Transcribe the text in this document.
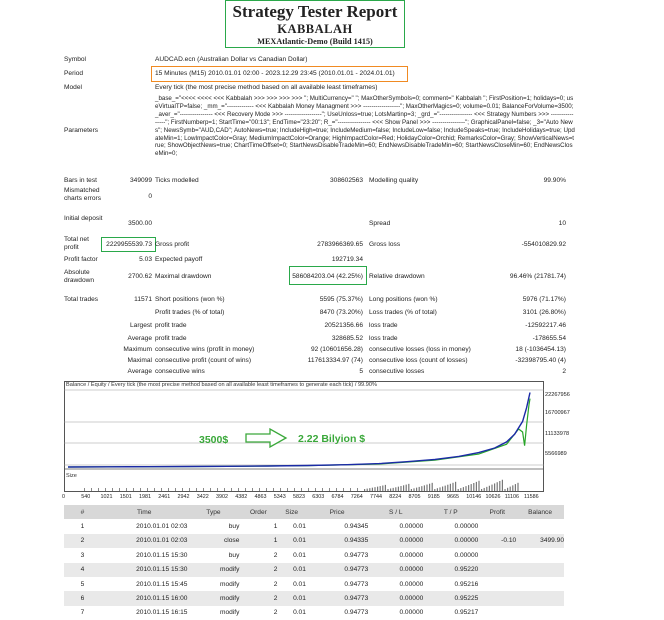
Strategy Tester Report
KABBALAH
MEXAtlantic-Demo (Build 1415)
Symbol	AUDCAD.ecn (Australian Dollar vs Canadian Dollar)
Period	15 Minutes (M15) 2010.01.01 02:00 - 2023.12.29 23:45 (2010.01.01 - 2024.01.01)
Model	Every tick (the most precise method based on all available least timeframes)
Parameters
_base_="<<<< <<<< <<< Kabbalah >>> >>> >>> >>> "; MultiCurrency=" "; MaxOtherSymbols=0; comment=" Kabbalah "; FirstPosition=1; holidays=0; useVirtualTP=false; _mm_="------------- <<< Kabbalah Money Managment >>> ------------------"; MaxOtherMagics=0; volume=0.01; BalanceForVolume=3500; _aver_="---------------- <<< Recovery Mode >>> ------------------"; UseUnloss=true; LotsMartinp=3; _grd_="---------------- <<< Strategy Numbers >>> ----------------"; FirstNumberp=1; StartTime="00:13"; EndTime="23:20"; R_="---------------- <<< Show Panel >>> ----------------"; GraphicalPanel=false; _3="Auto News"; NewsSymb="AUD,CAD"; AutoNews=true; IncludeHigh=true; IncludeMedium=false; IncludeLow=false; IncludeSpeaks=true; IncludeHolidays=true; UpdateMin=1; LowImpactColor=Gray; MediumImpactColor=Orange; HighImpactColor=Red; HolidayColor=Orchid; RemarksColor=Gray; ShowVerticalNews=true; ShowObjectNews=true; ChartTimeOffset=0; StartNewsDisableTradeMin=60; EndNewsDisableTradeMin=60; StartNewsCloseMin=60; EndNewsCloseMin=0;
Bars in test	349099 Ticks modelled	308602563 Modelling quality	99.90%
Mismatched charts errors	0
Initial deposit
3500.00	Spread	10
Total net profit	2229955539.73 Gross profit	2783966369.65 Gross loss	-554010829.92
Profit factor	5.03 Expected payoff	192719.34
Absolute drawdown
2700.62 Maximal drawdown	586084203.04 (42.25%) Relative drawdown	96.46% (21781.74)
Total trades	11571 Short positions (won %)	5595 (75.37%) Long positions (won %)	5976 (71.17%)
Profit trades (% of total)	8470 (73.20%) Loss trades (% of total)	3101 (26.80%)
Largest profit trade	20521356.66 loss trade	-12592217.46
Average profit trade	328685.52 loss trade	-178655.54
Maximum consecutive wins (profit in money)	92 (10601656.28) consecutive losses (loss in money)	18 (-1036454.13)
Maximal consecutive profit (count of wins)	117613334.97 (74) consecutive loss (count of losses)	-32398795.40 (4)
Average consecutive wins	5 consecutive losses	2
Balance / Equity / Every tick (the most precise method based on all available least timeframes to generate each tick) / 99.90%
3500$	2.22 Bilyion $
Size
22267956
16700967
11133978
5566989
0	540 1021 1501 1981 2461 2942 3422 3902 4382 4863 5343 5823 6303 6784 7264 7744 8224 8705 9185 9665 10146 10626 11106 11586
#	Time	Type	Order	Size	Price	S / L	T / P	Profit	Balance
1	2010.01.01 02:03	buy	1	0.01	0.94345	0.00000	0.00000		
2	2010.01.01 02:03	close	1	0.01	0.94335	0.00000	0.00000	-0.10	3499.90
3	2010.01.15 15:30	buy	2	0.01	0.94773	0.00000	0.00000		
4	2010.01.15 15:30	modify	2	0.01	0.94773	0.00000	0.95220		
5	2010.01.15 15:45	modify	2	0.01	0.94773	0.00000	0.95216		
6	2010.01.15 16:00	modify	2	0.01	0.94773	0.00000	0.95225		
7	2010.01.15 16:15	modify	2	0.01	0.94773	0.00000	0.95217		
